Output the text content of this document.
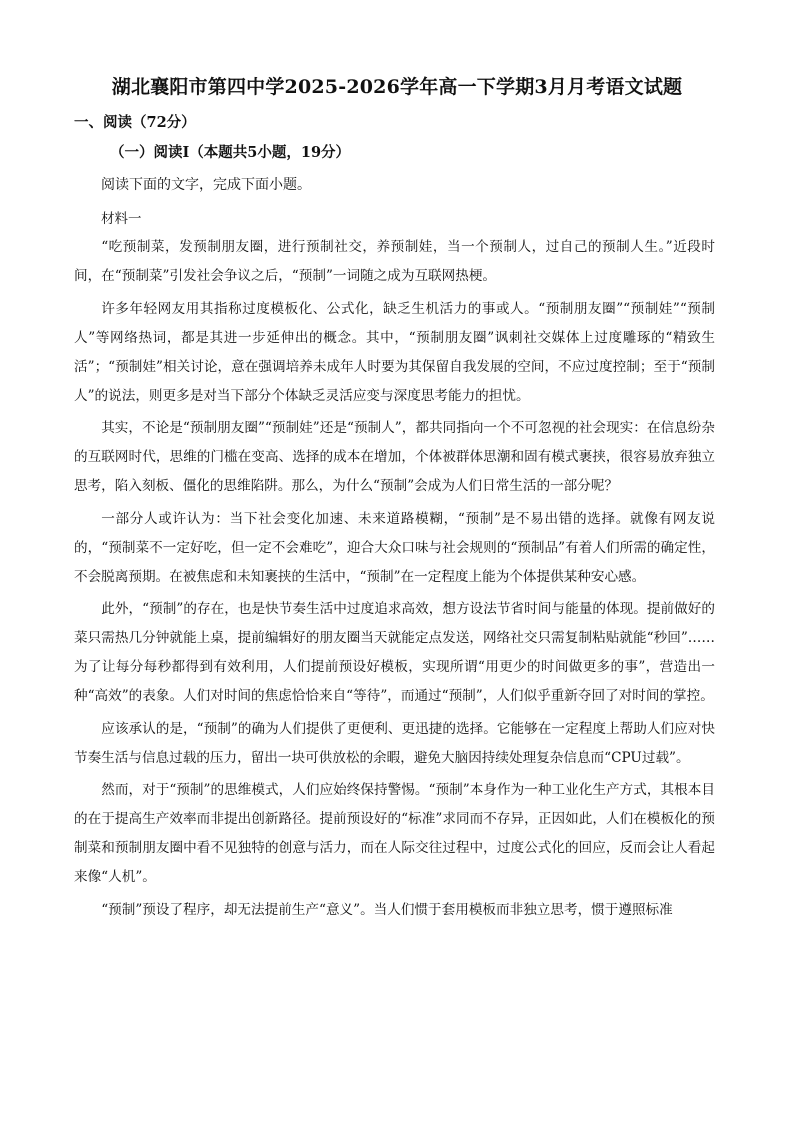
湖北襄阳市第四中学2025-2026学年高一下学期3月月考语文试题
一、阅读（72分）
（一）阅读Ⅰ（本题共5小题，19分）
阅读下面的文字，完成下面小题。
材料一

“吃预制菜，发预制朋友圈，进行预制社交，养预制娃，当一个预制人，过自己的预制人生。”近段时间，在“预制菜”引发社会争议之后，“预制”一词随之成为互联网热梗。

许多年轻网友用其指称过度模板化、公式化，缺乏生机活力的事或人。“预制朋友圈”“预制娃”“预制人”等网络热词，都是其进一步延伸出的概念。其中，“预制朋友圈”讽刺社交媒体上过度雕琢的“精致生活”；“预制娃”相关讨论，意在强调培养未成年人时要为其保留自我发展的空间，不应过度控制；至于“预制人”的说法，则更多是对当下部分个体缺乏灵活应变与深度思考能力的担忧。

其实，不论是“预制朋友圈”“预制娃”还是“预制人”，都共同指向一个不可忽视的社会现实：在信息纷杂的互联网时代，思维的门槛在变高、选择的成本在增加，个体被群体思潮和固有模式裹挟，很容易放弃独立思考，陷入刻板、僵化的思维陷阱。那么，为什么“预制”会成为人们日常生活的一部分呢？

一部分人或许认为：当下社会变化加速、未来道路模糊，“预制”是不易出错的选择。就像有网友说的，“预制菜不一定好吃，但一定不会难吃”，迎合大众口味与社会规则的“预制品”有着人们所需的确定性，不会脱离预期。在被焦虑和未知裹挟的生活中，“预制”在一定程度上能为个体提供某种安心感。

此外，“预制”的存在，也是快节奏生活中过度追求高效，想方设法节省时间与能量的体现。提前做好的菜只需热几分钟就能上桌，提前编辑好的朋友圈当天就能定点发送，网络社交只需复制粘贴就能“秒回”……为了让每分每秒都得到有效利用，人们提前预设好模板，实现所谓“用更少的时间做更多的事”，营造出一种“高效”的表象。人们对时间的焦虑恰恰来自“等待”，而通过“预制”，人们似乎重新夺回了对时间的掌控。

应该承认的是，“预制”的确为人们提供了更便利、更迅捷的选择。它能够在一定程度上帮助人们应对快节奏生活与信息过载的压力，留出一块可供放松的余暇，避免大脑因持续处理复杂信息而“CPU过载”。

然而，对于“预制”的思维模式，人们应始终保持警惕。“预制”本身作为一种工业化生产方式，其根本目的在于提高生产效率而非提出创新路径。提前预设好的“标准”求同而不存异，正因如此，人们在模板化的预制菜和预制朋友圈中看不见独特的创意与活力，而在人际交往过程中，过度公式化的回应，反而会让人看起来像“人机”。

“预制”预设了程序，却无法提前生产“意义”。当人们惯于套用模板而非独立思考，惯于遵照标准
